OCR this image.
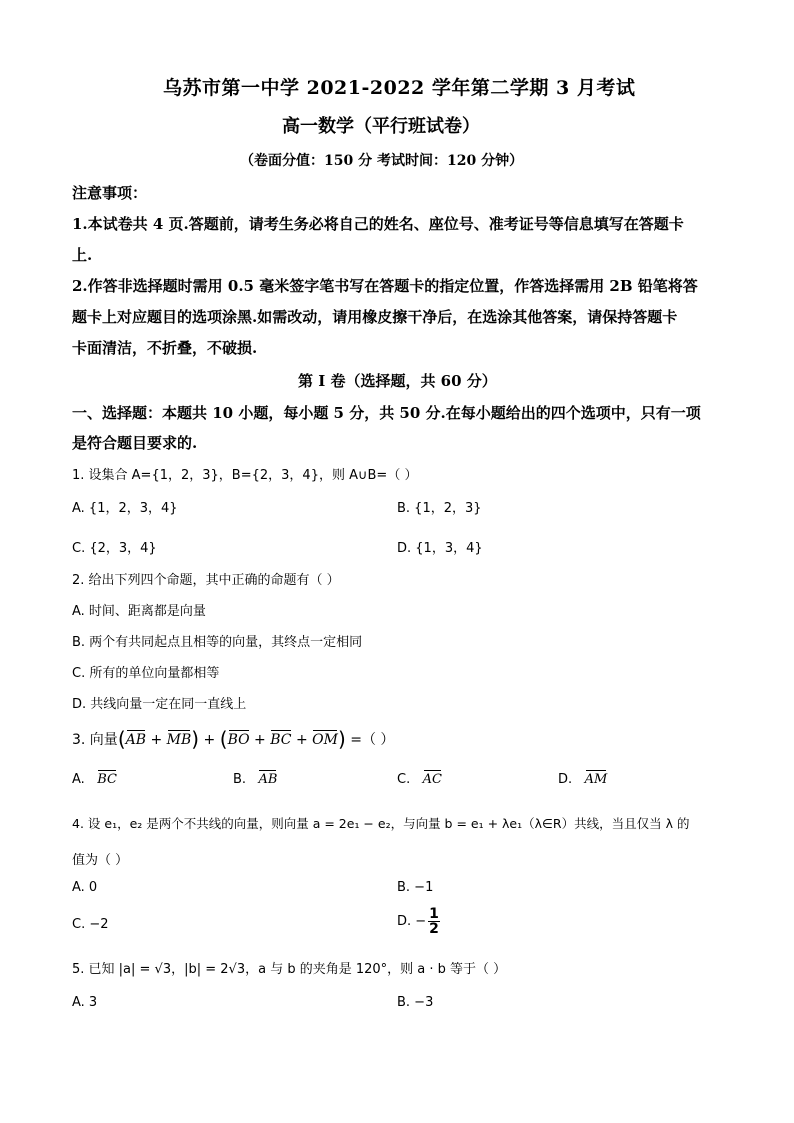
乌苏市第一中学 2021-2022 学年第二学期 3 月考试
高一数学（平行班试卷）
（卷面分值：150 分 考试时间：120 分钟）
注意事项：
1.本试卷共 4 页.答题前，请考生务必将自己的姓名、座位号、准考证号等信息填写在答题卡
上.
2.作答非选择题时需用 0.5 毫米签字笔书写在答题卡的指定位置，作答选择需用 2B 铅笔将答
题卡上对应题目的选项涂黑.如需改动，请用橡皮擦干净后，在选涂其他答案，请保持答题卡
卡面清洁，不折叠，不破损.
第 I 卷（选择题，共 60 分）
一、选择题：本题共 10 小题，每小题 5 分，共 50 分.在每小题给出的四个选项中，只有一项
是符合题目要求的.
1. 设集合 A={1，2，3}，B={2，3，4}，则 A∪B=（ ）
A. {1，2，3，4}	B. {1，2，3}
C. {2，3，4}	D. {1，3，4}
2. 给出下列四个命题，其中正确的命题有（ ）
A. 时间、距离都是向量
B. 两个有共同起点且相等的向量，其终点一定相同
C. 所有的单位向量都相等
D. 共线向量一定在同一直线上
3. 向量(AB + MB) + (BO + BC + OM) =（ ）
A. BC	B. AB	C. AC	D. AM
4. 设 e₁，e₂ 是两个不共线的向量，则向量 a = 2e₁ − e₂，与向量 b = e₁ + λe₁（λ∈R）共线，当且仅当 λ 的
值为（ ）
A. 0	B. −1
C. −2	D. − $\frac{1}{2}$
5. 已知 |a| = √3，|b| = 2√3，a 与 b 的夹角是 120°，则 a · b 等于（ ）
A. 3	B. −3
